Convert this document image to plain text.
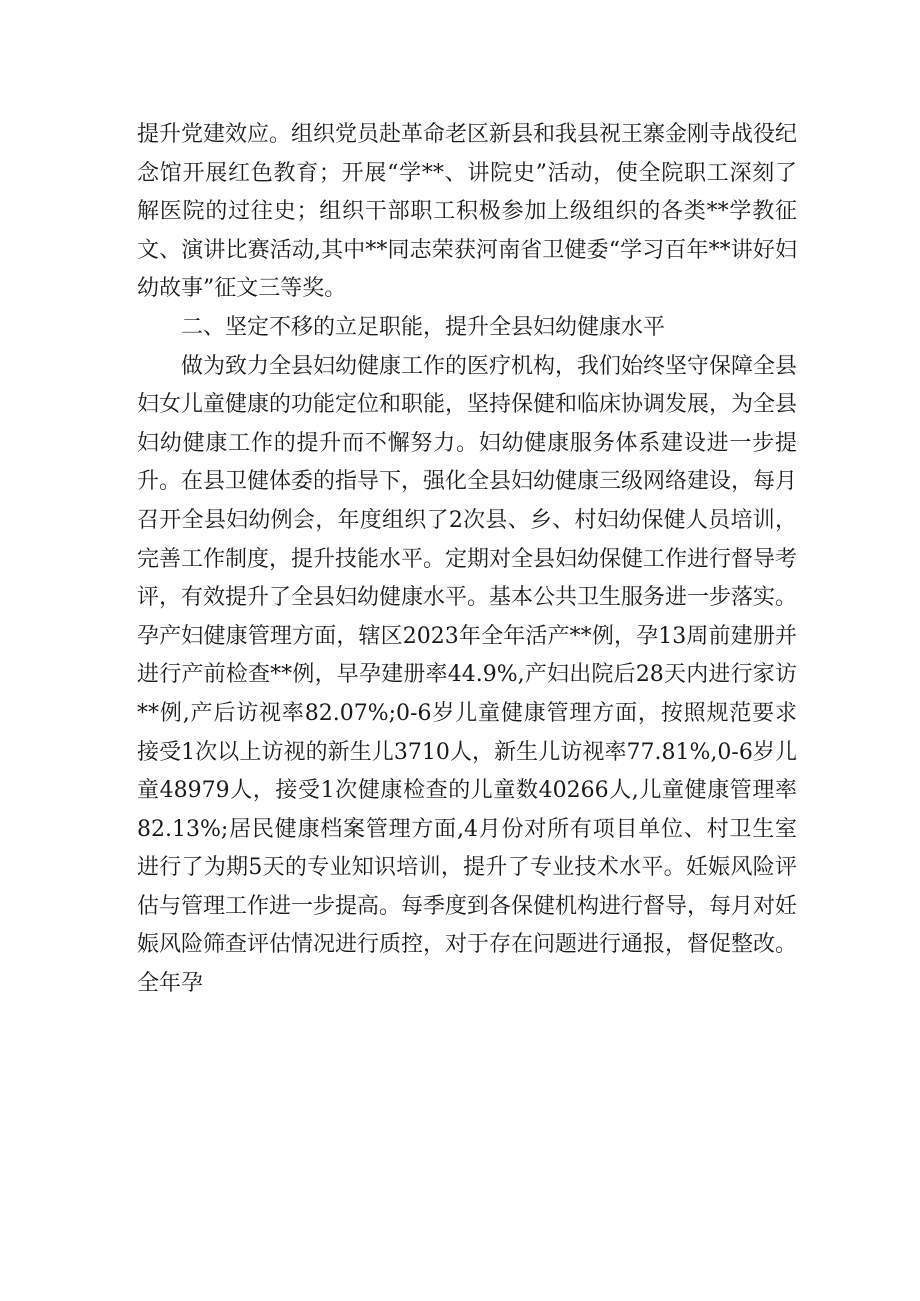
提升党建效应。组织党员赴革命老区新县和我县祝王寨金刚寺战役纪念馆开展红色教育；开展“学**、讲院史”活动，使全院职工深刻了解医院的过往史；组织干部职工积极参加上级组织的各类**学教征文、演讲比赛活动,其中**同志荣获河南省卫健委“学习百年**讲好妇幼故事”征文三等奖。

二、坚定不移的立足职能，提升全县妇幼健康水平

做为致力全县妇幼健康工作的医疗机构，我们始终坚守保障全县妇女儿童健康的功能定位和职能，坚持保健和临床协调发展，为全县妇幼健康工作的提升而不懈努力。妇幼健康服务体系建设进一步提升。在县卫健体委的指导下，强化全县妇幼健康三级网络建设，每月召开全县妇幼例会，年度组织了2次县、乡、村妇幼保健人员培训，完善工作制度，提升技能水平。定期对全县妇幼保健工作进行督导考评，有效提升了全县妇幼健康水平。基本公共卫生服务进一步落实。孕产妇健康管理方面，辖区2023年全年活产**例，孕13周前建册并进行产前检查**例，早孕建册率44.9%,产妇出院后28天内进行家访**例,产后访视率82.07%;0-6岁儿童健康管理方面，按照规范要求接受1次以上访视的新生儿3710人，新生儿访视率77.81%,0-6岁儿童48979人，接受1次健康检查的儿童数40266人,儿童健康管理率82.13%;居民健康档案管理方面,4月份对所有项目单位、村卫生室进行了为期5天的专业知识培训，提升了专业技术水平。妊娠风险评估与管理工作进一步提高。每季度到各保健机构进行督导，每月对妊娠风险筛查评估情况进行质控，对于存在问题进行通报，督促整改。全年孕
